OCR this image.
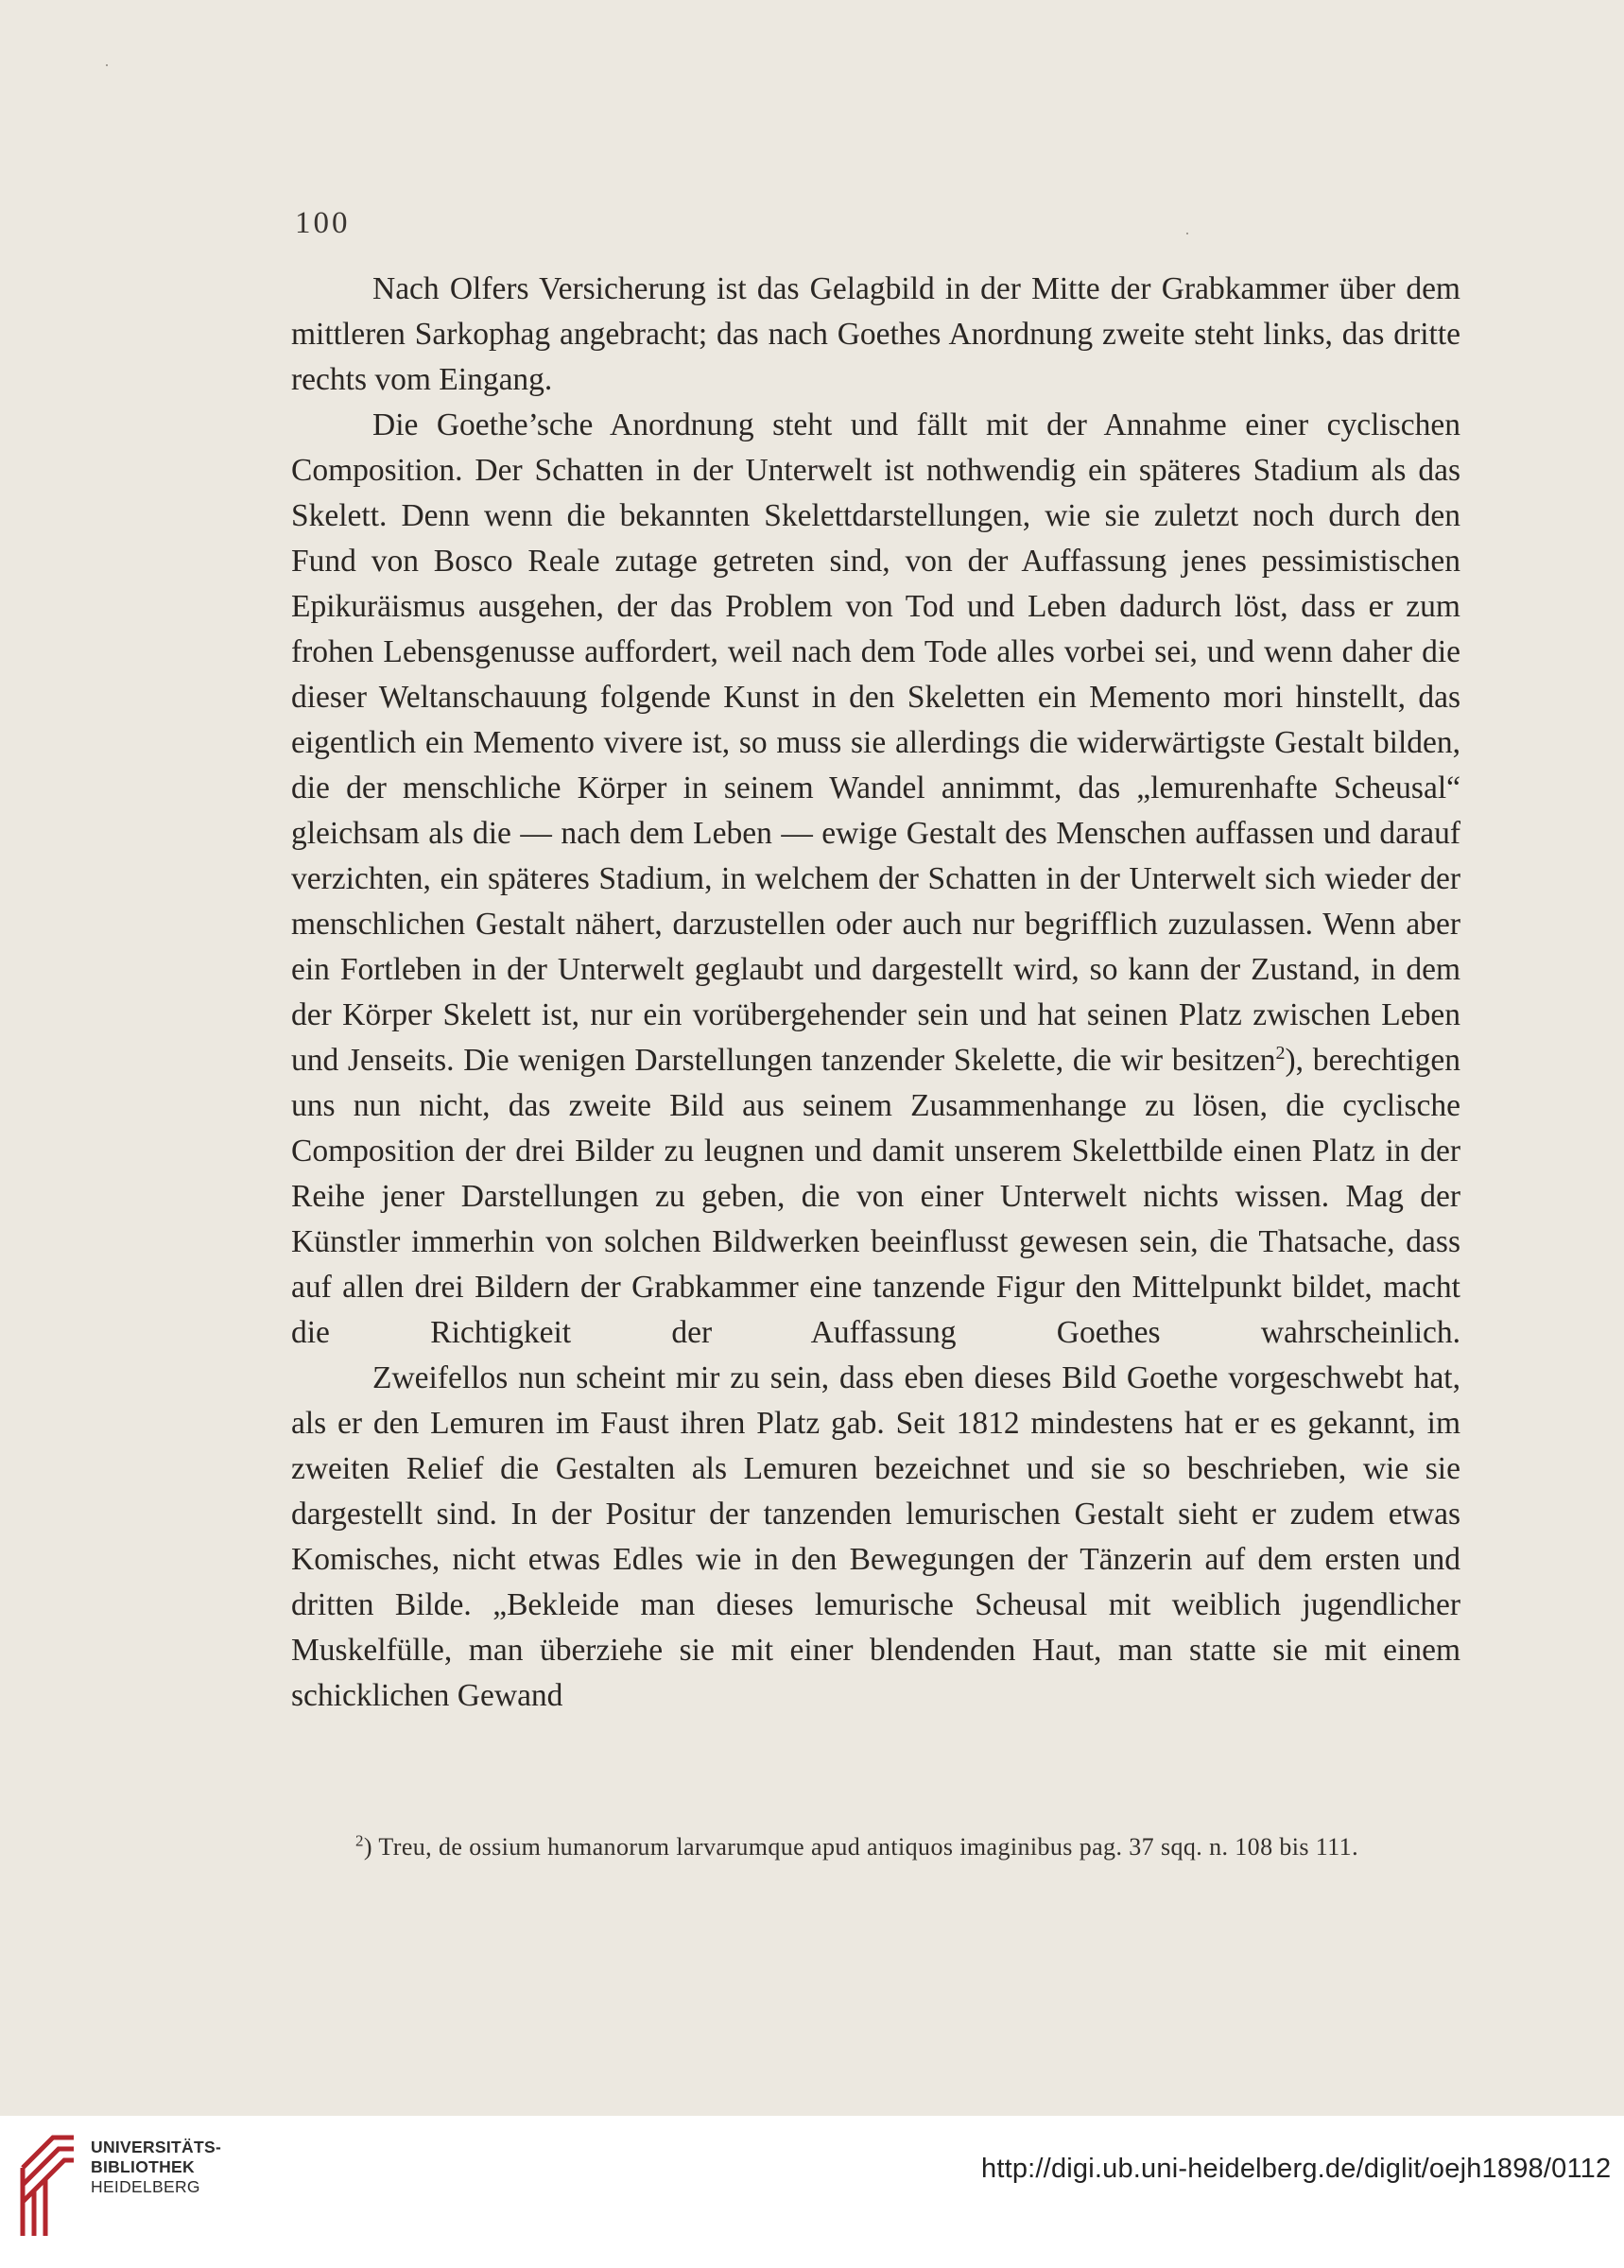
100

Nach Olfers Versicherung ist das Gelagbild in der Mitte der Grabkammer über dem mittleren Sarkophag angebracht; das nach Goethes Anordnung zweite steht links, das dritte rechts vom Eingang.

Die Goethe’sche Anordnung steht und fällt mit der Annahme einer cyclischen Composition. Der Schatten in der Unterwelt ist nothwendig ein späteres Stadium als das Skelett. Denn wenn die bekannten Skelettdarstellungen, wie sie zuletzt noch durch den Fund von Bosco Reale zutage getreten sind, von der Auffassung jenes pessimistischen Epikuräismus ausgehen, der das Problem von Tod und Leben dadurch löst, dass er zum frohen Lebensgenusse auffordert, weil nach dem Tode alles vorbei sei, und wenn daher die dieser Weltanschauung folgende Kunst in den Skeletten ein Memento mori hinstellt, das eigentlich ein Memento vivere ist, so muss sie allerdings die widerwärtigste Gestalt bilden, die der menschliche Körper in seinem Wandel annimmt, das „lemurenhafte Scheusal“ gleichsam als die — nach dem Leben — ewige Gestalt des Menschen auffassen und darauf verzichten, ein späteres Stadium, in welchem der Schatten in der Unterwelt sich wieder der menschlichen Gestalt nähert, darzustellen oder auch nur begrifflich zuzulassen. Wenn aber ein Fortleben in der Unterwelt geglaubt und dargestellt wird, so kann der Zustand, in dem der Körper Skelett ist, nur ein vorübergehender sein und hat seinen Platz zwischen Leben und Jenseits. Die wenigen Darstellungen tanzender Skelette, die wir besitzen$^2$), berechtigen uns nun nicht, das zweite Bild aus seinem Zusammenhange zu lösen, die cyclische Composition der drei Bilder zu leugnen und damit unserem Skelettbilde einen Platz in der Reihe jener Darstellungen zu geben, die von einer Unterwelt nichts wissen. Mag der Künstler immerhin von solchen Bildwerken beeinflusst gewesen sein, die Thatsache, dass auf allen drei Bildern der Grabkammer eine tanzende Figur den Mittelpunkt bildet, macht die Richtigkeit der Auffassung Goethes wahrscheinlich.

Zweifellos nun scheint mir zu sein, dass eben dieses Bild Goethe vorgeschwebt hat, als er den Lemuren im Faust ihren Platz gab. Seit 1812 mindestens hat er es gekannt, im zweiten Relief die Gestalten als Lemuren bezeichnet und sie so beschrieben, wie sie dargestellt sind. In der Positur der tanzenden lemurischen Gestalt sieht er zudem etwas Komisches, nicht etwas Edles wie in den Bewegungen der Tänzerin auf dem ersten und dritten Bilde. „Bekleide man dieses lemurische Scheusal mit weiblich jugendlicher Muskelfülle, man überziehe sie mit einer blendenden Haut, man statte sie mit einem schicklichen Gewand

$^2$) Treu, de ossium humanorum larvarumque apud antiquos imaginibus pag. 37 sqq. n. 108 bis 111.
UNIVERSITÄTS-
BIBLIOTHEK
HEIDELBERG
http://digi.ub.uni-heidelberg.de/diglit/oejh1898/0112
